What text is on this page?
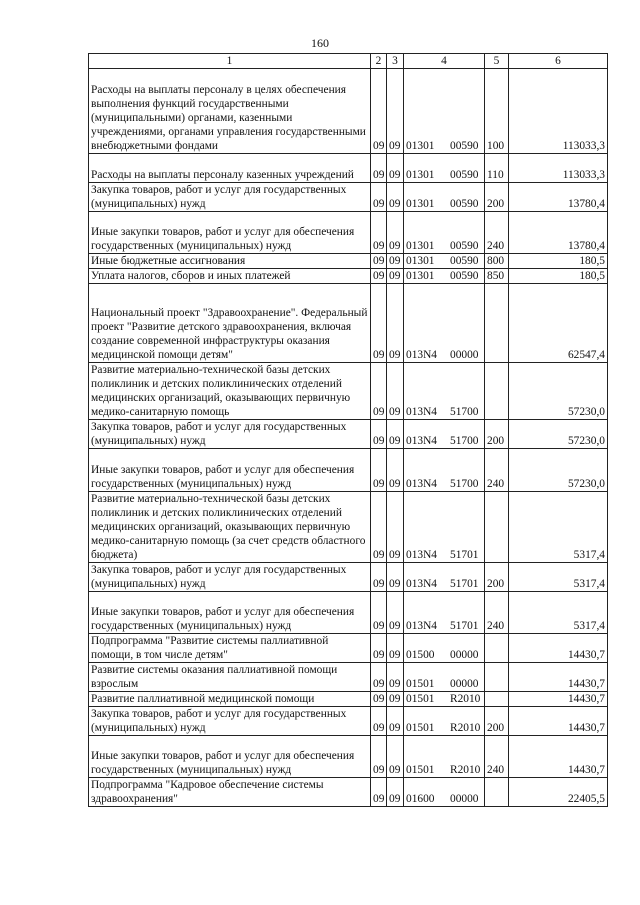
160
1	2	3	4	5	6
Расходы на выплаты персоналу в целях обеспечения выполнения функций государственными (муниципальными) органами, казенными учреждениями, органами управления государственными внебюджетными фондами	09	09	01301 00590	100	113033,3
Расходы на выплаты персоналу казенных учреждений	09	09	01301 00590	110	113033,3
Закупка товаров, работ и услуг для государственных (муниципальных) нужд	09	09	01301 00590	200	13780,4
Иные закупки товаров, работ и услуг для обеспечения государственных (муниципальных) нужд	09	09	01301 00590	240	13780,4
Иные бюджетные ассигнования	09	09	01301 00590	800	180,5
Уплата налогов, сборов и иных платежей	09	09	01301 00590	850	180,5
Национальный проект "Здравоохранение". Федеральный проект "Развитие детского здравоохранения, включая создание современной инфраструктуры оказания медицинской помощи детям"	09	09	013N4 00000		62547,4
Развитие материально-технической базы детских поликлиник и детских поликлинических отделений медицинских организаций, оказывающих первичную медико-санитарную помощь	09	09	013N4 51700		57230,0
Закупка товаров, работ и услуг для государственных (муниципальных) нужд	09	09	013N4 51700	200	57230,0
Иные закупки товаров, работ и услуг для обеспечения государственных (муниципальных) нужд	09	09	013N4 51700	240	57230,0
Развитие материально-технической базы детских поликлиник и детских поликлинических отделений медицинских организаций, оказывающих первичную медико-санитарную помощь (за счет средств областного бюджета)	09	09	013N4 51701		5317,4
Закупка товаров, работ и услуг для государственных (муниципальных) нужд	09	09	013N4 51701	200	5317,4
Иные закупки товаров, работ и услуг для обеспечения государственных (муниципальных) нужд	09	09	013N4 51701	240	5317,4
Подпрограмма "Развитие системы паллиативной помощи, в том числе детям"	09	09	01500 00000		14430,7
Развитие системы оказания паллиативной помощи взрослым	09	09	01501 00000		14430,7
Развитие паллиативной медицинской помощи	09	09	01501 R2010		14430,7
Закупка товаров, работ и услуг для государственных (муниципальных) нужд	09	09	01501 R2010	200	14430,7
Иные закупки товаров, работ и услуг для обеспечения государственных (муниципальных) нужд	09	09	01501 R2010	240	14430,7
Подпрограмма "Кадровое обеспечение системы здравоохранения"	09	09	01600 00000		22405,5
